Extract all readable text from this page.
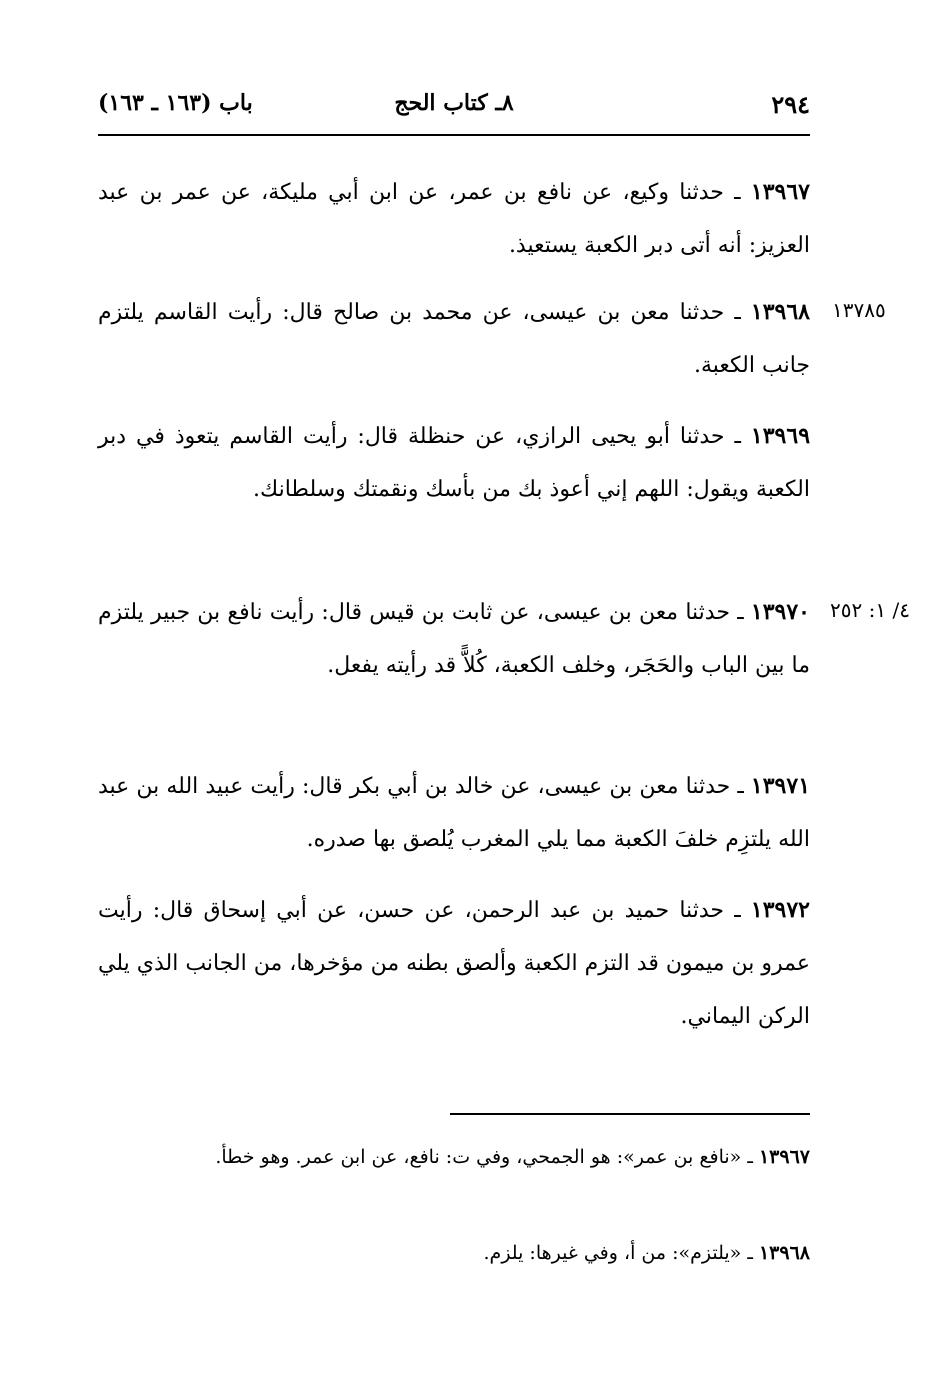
٢٩٤
٨ـ كتاب الحج
باب (١٦٣ ـ ١٦٣)
١٣٩٦٧ ـ حدثنا وكيع، عن نافع بن عمر، عن ابن أبي مليكة، عن عمر بن عبد العزيز: أنه أتى دبر الكعبة يستعيذ.
١٣٧٨٥
١٣٩٦٨ ـ حدثنا معن بن عيسى، عن محمد بن صالح قال: رأيت القاسم يلتزم جانب الكعبة.
١٣٩٦٩ ـ حدثنا أبو يحيى الرازي، عن حنظلة قال: رأيت القاسم يتعوذ في دبر الكعبة ويقول: اللهم إني أعوذ بك من بأسك ونقمتك وسلطانك.
٤/ ١: ٢٥٢
١٣٩٧٠ ـ حدثنا معن بن عيسى، عن ثابت بن قيس قال: رأيت نافع بن جبير يلتزم ما بين الباب والحَجَر، وخلف الكعبة، كُلاًّ قد رأيته يفعل.
١٣٩٧١ ـ حدثنا معن بن عيسى، عن خالد بن أبي بكر قال: رأيت عبيد الله بن عبد الله يلتزِم خلفَ الكعبة مما يلي المغرب يُلصق بها صدره.
١٣٩٧٢ ـ حدثنا حميد بن عبد الرحمن، عن حسن، عن أبي إسحاق قال: رأيت عمرو بن ميمون قد التزم الكعبة وألصق بطنه من مؤخرها، من الجانب الذي يلي الركن اليماني.
١٣٩٦٧ ـ «نافع بن عمر»: هو الجمحي، وفي ت: نافع، عن ابن عمر. وهو خطأ.
١٣٩٦٨ ـ «يلتزم»: من أ، وفي غيرها: يلزم.
